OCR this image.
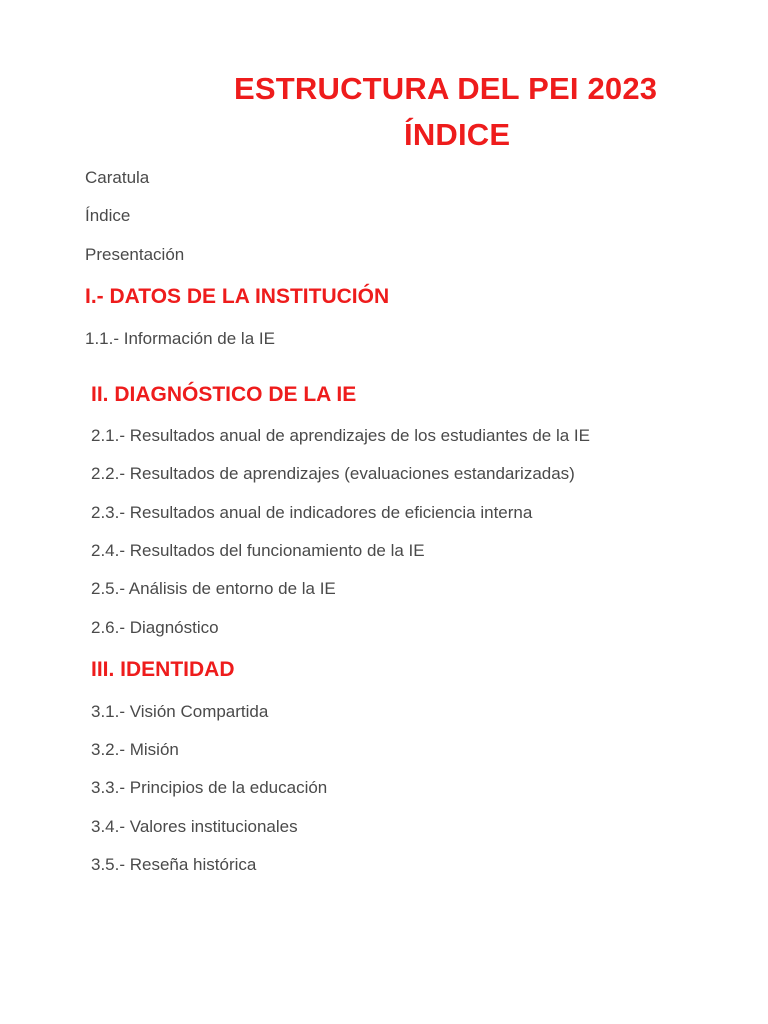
ESTRUCTURA DEL PEI 2023
ÍNDICE

Caratula

Índice

Presentación

I.- DATOS DE LA INSTITUCIÓN

1.1.- Información de la IE

II. DIAGNÓSTICO DE LA IE

2.1.- Resultados anual de aprendizajes de los estudiantes de la IE

2.2.- Resultados de aprendizajes (evaluaciones estandarizadas)

2.3.- Resultados anual de indicadores de eficiencia interna

2.4.- Resultados del funcionamiento de la IE

2.5.- Análisis de entorno de la IE

2.6.- Diagnóstico

III. IDENTIDAD

3.1.- Visión Compartida

3.2.- Misión

3.3.- Principios de la educación

3.4.- Valores institucionales

3.5.- Reseña histórica
